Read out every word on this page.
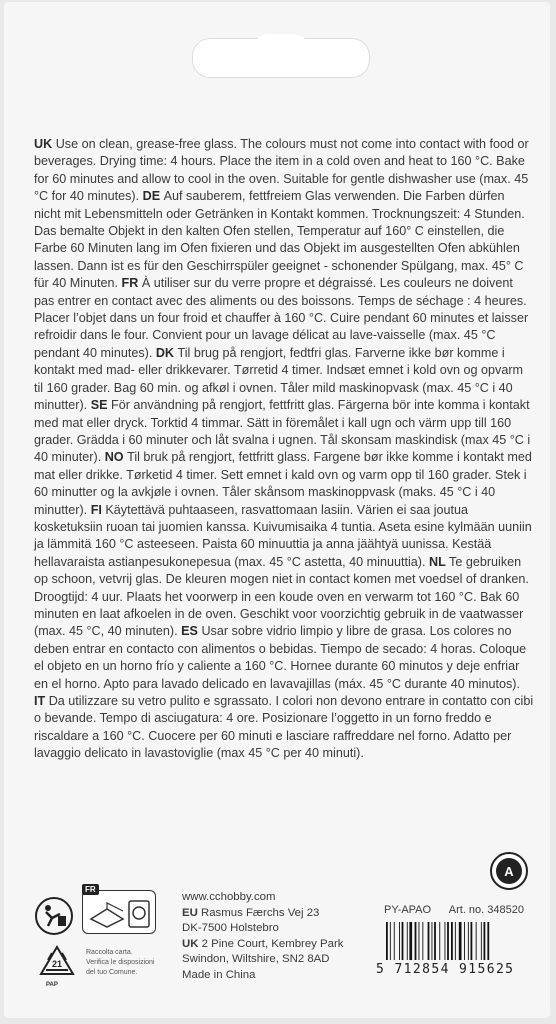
UK Use on clean, grease-free glass. The colours must not come into contact with food or beverages. Drying time: 4 hours. Place the item in a cold oven and heat to 160 °C. Bake for 60 minutes and allow to cool in the oven. Suitable for gentle dishwasher use (max. 45 °C for 40 minutes). DE Auf sauberem, fettfreiem Glas verwenden. Die Farben dürfen nicht mit Lebensmitteln oder Getränken in Kontakt kommen. Trocknungszeit: 4 Stunden. Das bemalte Objekt in den kalten Ofen stellen, Temperatur auf 160° C einstellen, die Farbe 60 Minuten lang im Ofen fixieren und das Objekt im ausgestellten Ofen abkühlen lassen. Dann ist es für den Geschirrspüler geeignet - schonender Spülgang, max. 45° C für 40 Minuten. FR À utiliser sur du verre propre et dégraissé. Les couleurs ne doivent pas entrer en contact avec des aliments ou des boissons. Temps de séchage : 4 heures. Placer l’objet dans un four froid et chauffer à 160 °C. Cuire pendant 60 minutes et laisser refroidir dans le four. Convient pour un lavage délicat au lave-vaisselle (max. 45 °C pendant 40 minutes). DK Til brug på rengjort, fedtfri glas. Farverne ikke bør komme i kontakt med mad- eller drikkevarer. Tørretid 4 timer. Indsæt emnet i kold ovn og opvarm til 160 grader. Bag 60 min. og afkøl i ovnen. Tåler mild maskinopvask (max. 45 °C i 40 minutter). SE För användning på rengjort, fettfritt glas. Färgerna bör inte komma i kontakt med mat eller dryck. Torktid 4 timmar. Sätt in föremålet i kall ugn och värm upp till 160 grader. Grädda i 60 minuter och låt svalna i ugnen. Tål skonsam maskindisk (max 45 °C i 40 minuter). NO Til bruk på rengjort, fettfritt glass. Fargene bør ikke komme i kontakt med mat eller drikke. Tørketid 4 timer. Sett emnet i kald ovn og varm opp til 160 grader. Stek i 60 minutter og la avkjøle i ovnen. Tåler skånsom maskinoppvask (maks. 45 °C i 40 minutter). FI Käytettävä puhtaaseen, rasvattomaan lasiin. Värien ei saa joutua kosketuksiin ruoan tai juomien kanssa. Kuivumisaika 4 tuntia. Aseta esine kylmään uuniin ja lämmitä 160 °C asteeseen. Paista 60 minuuttia ja anna jäähtyä uunissa. Kestää hellavaraista astianpesukonepesua (max. 45 °C astetta, 40 minuuttia). NL Te gebruiken op schoon, vetvrij glas. De kleuren mogen niet in contact komen met voedsel of dranken. Droogtijd: 4 uur. Plaats het voorwerp in een koude oven en verwarm tot 160 °C. Bak 60 minuten en laat afkoelen in de oven. Geschikt voor voorzichtig gebruik in de vaatwasser (max. 45 °C, 40 minuten). ES Usar sobre vidrio limpio y libre de grasa. Los colores no deben entrar en contacto con alimentos o bebidas. Tiempo de secado: 4 horas. Coloque el objeto en un horno frío y caliente a 160 °C. Hornee durante 60 minutos y deje enfriar en el horno. Apto para lavado delicado en lavavajillas (máx. 45 °C durante 40 minutos). IT Da utilizzare su vetro pulito e sgrassato. I colori non devono entrare in contatto con cibi o bevande. Tempo di asciugatura: 4 ore. Posizionare l’oggetto in un forno freddo e riscaldare a 160 °C. Cuocere per 60 minuti e lasciare raffreddare nel forno. Adatto per lavaggio delicato in lavastoviglie (max 45 °C per 40 minuti).

A
FR
21
PAP
Raccolta carta.
Verifica le disposizioni
del tuo Comune.
www.cchobby.com
EU Rasmus Færchs Vej 23
DK-7500 Holstebro
UK 2 Pine Court, Kembrey Park
Swindon, Wiltshire, SN2 8AD
Made in China
PY-APAO Art. no. 348520
5 712854 915625
